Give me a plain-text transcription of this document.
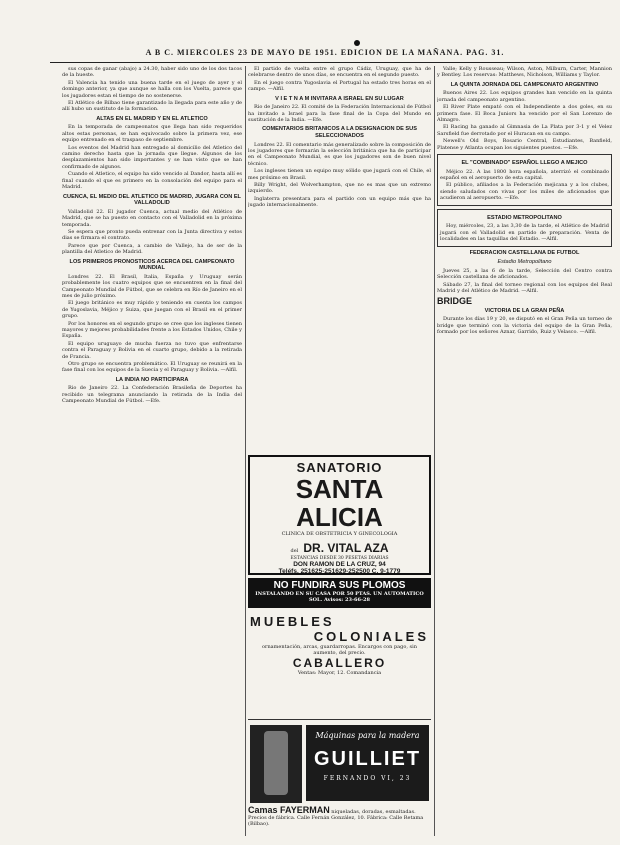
A B C. MIERCOLES 23 DE MAYO DE 1951. EDICION DE LA MAÑANA. PAG. 31.

sus copas de ganar (abajo) a 24.30, haber sido uno de los dos tacos de la hueste.

El Valencia ha tenido una buena tarde en el juego de ayer y el domingo anterior, ya que aunque se halla con los Vuelta, parece que los jugadores estan el tiempo de no sostenerse.

El Atlético de Bilbao tiene garantizado la llegada para este año y de allí hubo un sustituto de la formacion.

ALTAS EN EL MADRID Y EN EL ATLETICO

En la temporada de campeonatos que llega han sido requeridos altos estas personas, se han equivocado sobre la primera vez, ese equipo entrenado en el traspaso de septiembre.

Los eventos del Madrid han entregado al domicilio del Atletico del camino derecho hasta que la jornada que llegue. Algunos de los desplazamientos han sido importantes y se han visto que se han confirmado de algunos.

Cuando el Atletico, el equipo ha sido vencido al Dandor, hasta allí es final cuando el que es primero en la consolación del equipo para el Madrid.

CUENCA, EL MEDIO DEL ATLETICO DE MADRID, JUGARA CON EL VALLADOLID

Valladolid 22. El jugador Cuenca, actual medio del Atlético de Madrid, que se ha puesto en contacto con el Valladolid en la próxima temporada.

Se espera que pronto pueda entrenar con la Junta directiva y estos dias se firmara el contrato.

Parece que por Cuenca, a cambio de Vallejo, ha de ser de la plantilla del Atletico de Madrid.

LOS PRIMEROS PRONOSTICOS ACERCA DEL CAMPEONATO MUNDIAL

Londres 22. El Brasil, Italia, España y Uruguay serán probablemente los cuatro equipos que se encuentren en la final del Campeonato Mundial de Fútbol, que se celebra en Río de Janeiro en el mes de julio próximo.

El juego británico es muy rápido y teniendo en cuenta los campos de Yugoslavia, Méjico y Suiza, que juegan con el Brasil en el primer grupo.

Por los honores en el segundo grupo se cree que los ingleses tienen mayores y mejores probabilidades frente a los Estados Unidos, Chile y España.

El equipo uruguayo de mucha fuerza no tuvo que enfrentarse contra el Paraguay y Bolivia en el cuarto grupo, debido a la retirada de Francia.

Otro grupo se encuentra problemático. El Uruguay se reunirá en la fase final con los equipos de la Suecia y el Paraguay y Bolivia. —Alfil.

LA INDIA NO PARTICIPARA

Rio de Janeiro 22. La Confederación Brasileña de Deportes ha recibido un telegrama anunciando la retirada de la India del Campeonato Mundial de Fútbol. —Efe.

El partido de vuelta entre el grupo Cádiz, Uruguay, que ha de celebrarse dentro de unos días, se encuentra en el segundo puesto.

En el juego contra Yugoslavia el Portugal ha estado tres horas en el campo. —Alfil.

V I E T N A M INVITARA A ISRAEL EN SU LUGAR

Rio de Janeiro 22. El comité de la Federación Internacional de Fútbol ha invitado a Israel para la fase final de la Copa del Mundo en sustitución de la India. —Efe.

COMENTARIOS BRITANICOS A LA DESIGNACION DE SUS SELECCIONADOS

Londres 22. El comentario más generalizado sobre la composición de los jugadores que formarán la selección británica que ha de participar en el Campeonato Mundial, es que los jugadores son de buen nivel técnico.

Los ingleses tienen un equipo muy sólido que jugará con el Chile, el mes próximo en Brasil.

Billy Wright, del Wolverhampton, que no es mas que un extremo izquierdo.

Inglaterra presentara para el partido con un equipo más que ha jugado internacionalmente.

SANATORIO
SANTA ALICIA
CLINICA DE OBSTETRICIA Y GINECOLOGIA
del DR. VITAL AZA
ESTANCIAS DESDE 30 PESETAS DIARIAS
DON RAMON DE LA CRUZ, 94
Teléfs. 251625-251629-252500 C. 9-1779
NO FUNDIRA SUS PLOMOS
INSTALANDO EN SU CASA POR 50 PTAS. UN AUTOMATICO SOL. Avisos: 23-66-28
MUEBLES
COLONIALES
ornamentación, arcas, guardarropas. Encargos con pago, sin aumento, del precio.
CABALLERO
Ventas: Mayor, 12. Comandancia
Máquinas para la madera
GUILLIET
FERNANDO VI, 23
Camas FAYERMAN niqueladas, doradas, esmaltadas. Precios de fábrica. Calle Fernán González, 10. Fábrica: Calle Retama (Bilbao).

Valle; Kelly y Rousseau; Wilson, Aston, Milburn, Carter, Mannion y Bentley. Los reservas: Matthews, Nicholson, Williams y Taylor.

LA QUINTA JORNADA DEL CAMPEONATO ARGENTINO

Buenos Aires 22. Los equipos grandes han vencido en la quinta jornada del campeonato argentino.

El River Plate empató con el Independiente a dos goles, en su primera fase. El Boca Juniors ha vencido por el San Lorenzo de Almagro.

El Racing ha ganado al Gimnasia de La Plata por 3-1 y el Velez Sarsfield fue derrotado por el Huracan en su campo.

Newell's Old Boys, Rosario Central, Estudiantes, Banfield, Platense y Atlanta ocupan los siguientes puestos. —Efe.

EL "COMBINADO" ESPAÑOL LLEGO A MEJICO

Méjico 22. A las 1800 hora española, aterrizó el combinado español en el aeropuerto de esta capital.

El público, afiliados a la Federación mejicana y a los clubes, siendo saludados con vivas por los miles de aficionados que acudieron al aeropuerto. —Efe.

ESTADIO METROPOLITANO

Hoy, miércoles, 23, a las 3,30 de la tarde, el Atlético de Madrid jugará con el Valladolid en partido de preparación. Venta de localidades en las taquillas del Estadio. —Alfil.

FEDERACION CASTELLANA DE FUTBOL
Estadio Metropolitano

Jueves 25, a las 6 de la tarde, Selección del Centro contra Selección castellana de aficionados.

Sábado 27, la final del torneo regional con los equipos del Real Madrid y del Atlético de Madrid. —Alfil.

BRIDGE

VICTORIA DE LA GRAN PEÑA

Durante los días 19 y 20, se disputó en el Gran Peña un torneo de bridge que terminó con la victoria del equipo de la Gran Peña, formado por los señores Aznar, Garrido, Ruiz y Velasco. —Alfil.
